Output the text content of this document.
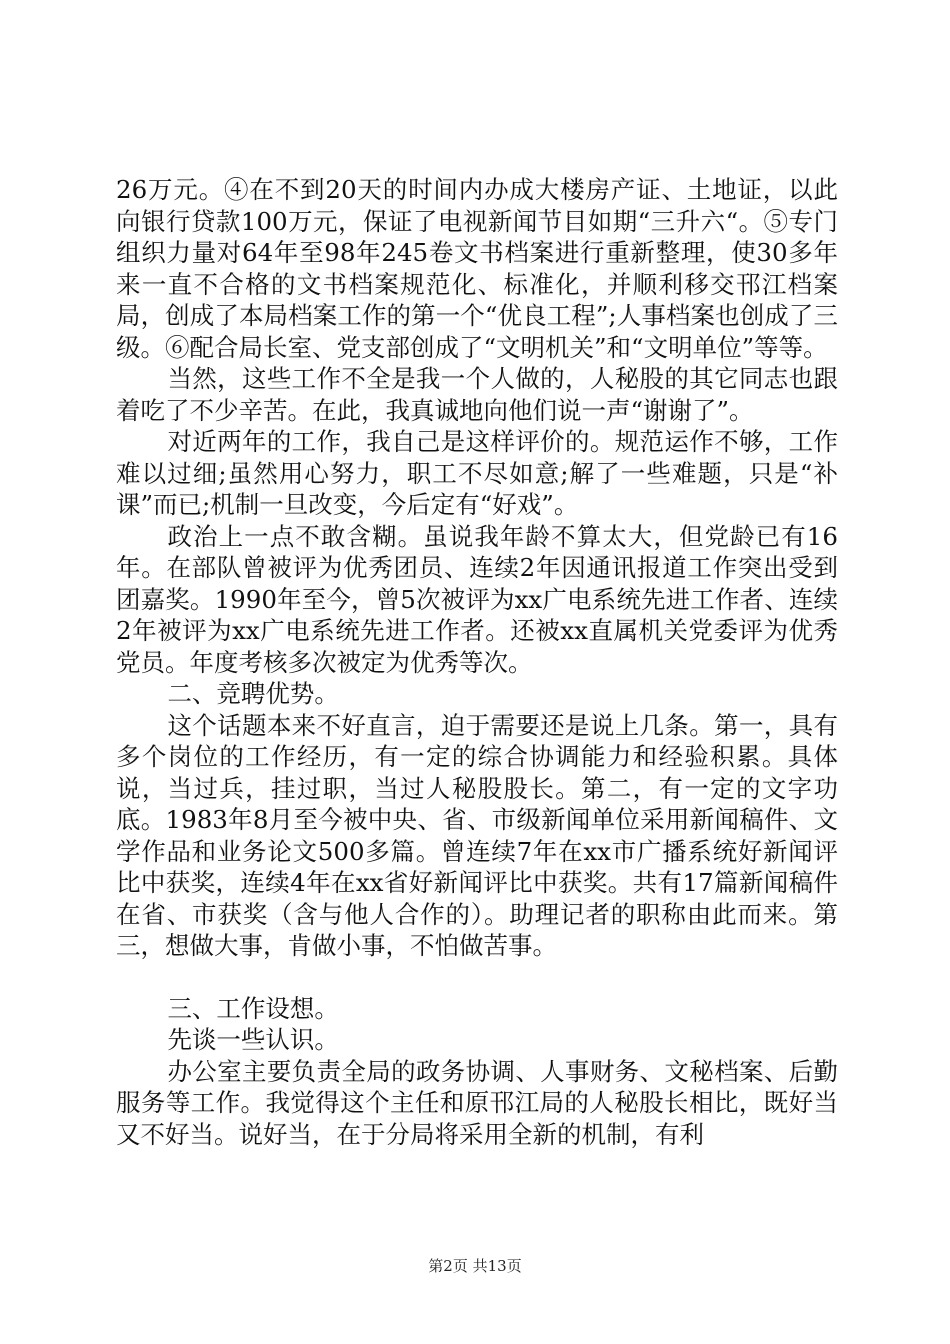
26万元。④在不到20天的时间内办成大楼房产证、土地证，以此向银行贷款100万元，保证了电视新闻节目如期“三升六“。⑤专门组织力量对64年至98年245卷文书档案进行重新整理，使30多年来一直不合格的文书档案规范化、标准化，并顺利移交邗江档案局，创成了本局档案工作的第一个“优良工程”;人事档案也创成了三级。⑥配合局长室、党支部创成了“文明机关”和“文明单位”等等。

当然，这些工作不全是我一个人做的，人秘股的其它同志也跟着吃了不少辛苦。在此，我真诚地向他们说一声“谢谢了”。

对近两年的工作，我自己是这样评价的。规范运作不够，工作难以过细;虽然用心努力，职工不尽如意;解了一些难题，只是“补课”而已;机制一旦改变，今后定有“好戏”。

政治上一点不敢含糊。虽说我年龄不算太大，但党龄已有16年。在部队曾被评为优秀团员、连续2年因通讯报道工作突出受到团嘉奖。1990年至今，曾5次被评为xx广电系统先进工作者、连续2年被评为xx广电系统先进工作者。还被xx直属机关党委评为优秀党员。年度考核多次被定为优秀等次。

二、竞聘优势。

这个话题本来不好直言，迫于需要还是说上几条。第一，具有多个岗位的工作经历，有一定的综合协调能力和经验积累。具体说，当过兵，挂过职，当过人秘股股长。第二，有一定的文字功底。1983年8月至今被中央、省、市级新闻单位采用新闻稿件、文学作品和业务论文500多篇。曾连续7年在xx市广播系统好新闻评比中获奖，连续4年在xx省好新闻评比中获奖。共有17篇新闻稿件在省、市获奖（含与他人合作的）。助理记者的职称由此而来。第三，想做大事，肯做小事，不怕做苦事。

三、工作设想。

先谈一些认识。

办公室主要负责全局的政务协调、人事财务、文秘档案、后勤服务等工作。我觉得这个主任和原邗江局的人秘股长相比，既好当又不好当。说好当，在于分局将采用全新的机制，有利

第2页 共13页
